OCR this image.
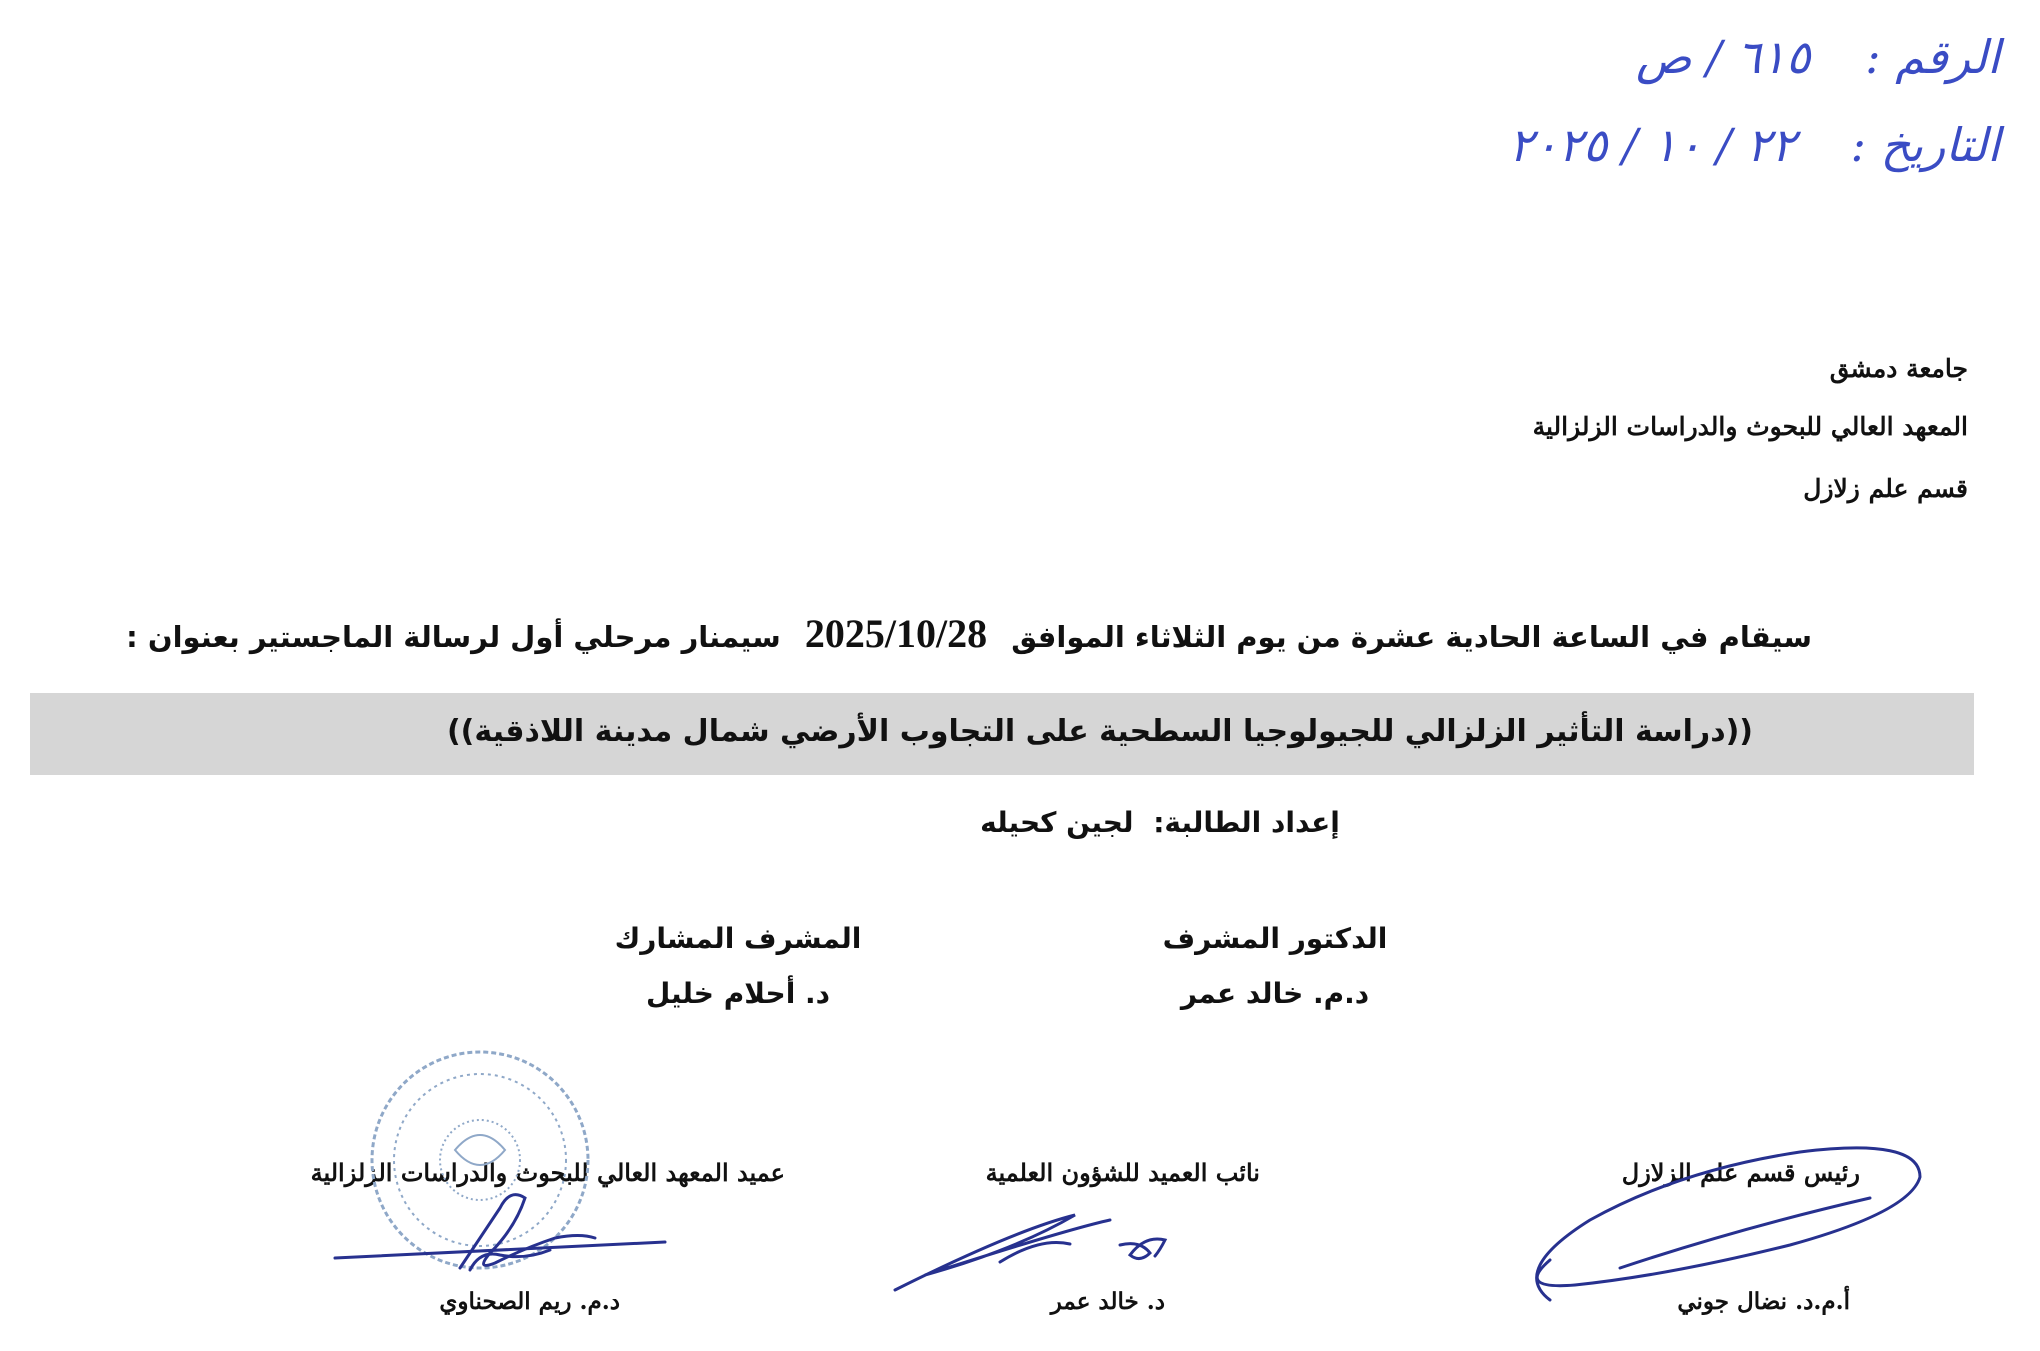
الرقم : ٦١٥ / ص
التاريخ : ٢٢ / ١٠ / ٢٠٢٥
جامعة دمشق
المعهد العالي للبحوث والدراسات الزلزالية
قسم علم زلازل
سيقام في الساعة الحادية عشرة من يوم الثلاثاء الموافق 2025/10/28 سيمنار مرحلي أول لرسالة الماجستير بعنوان :
((دراسة التأثير الزلزالي للجيولوجيا السطحية على التجاوب الأرضي شمال مدينة اللاذقية))
إعداد الطالبة: لجين كحيله
الدكتور المشرف
د.م. خالد عمر
المشرف المشارك
د. أحلام خليل
رئيس قسم علم الزلازل
نائب العميد للشؤون العلمية
عميد المعهد العالي للبحوث والدراسات الزلزالية
أ.م.د. نضال جوني
د. خالد عمر
د.م. ريم الصحناوي
